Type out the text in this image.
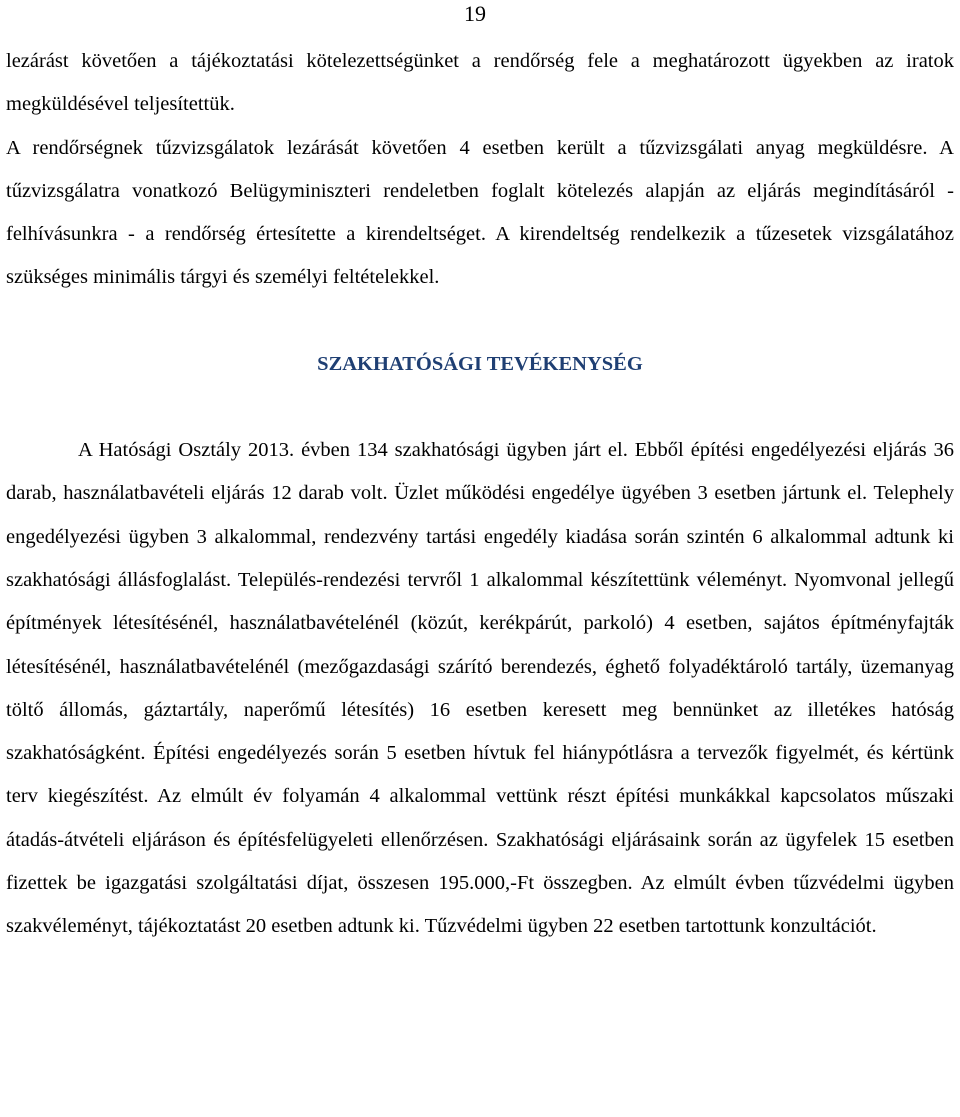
19

lezárást követően a tájékoztatási kötelezettségünket a rendőrség fele a meghatározott ügyekben az iratok megküldésével teljesítettük.

A rendőrségnek tűzvizsgálatok lezárását követően 4 esetben került a tűzvizsgálati anyag megküldésre. A tűzvizsgálatra vonatkozó Belügyminiszteri rendeletben foglalt kötelezés alapján az eljárás megindításáról - felhívásunkra - a rendőrség értesítette a kirendeltséget. A kirendeltség rendelkezik a tűzesetek vizsgálatához szükséges minimális tárgyi és személyi feltételekkel.

SZAKHATÓSÁGI TEVÉKENYSÉG

A Hatósági Osztály 2013. évben 134 szakhatósági ügyben járt el. Ebből építési engedélyezési eljárás 36 darab, használatbavételi eljárás 12 darab volt. Üzlet működési engedélye ügyében 3 esetben jártunk el. Telephely engedélyezési ügyben 3 alkalommal, rendezvény tartási engedély kiadása során szintén 6 alkalommal adtunk ki szakhatósági állásfoglalást. Település-rendezési tervről 1 alkalommal készítettünk véleményt. Nyomvonal jellegű építmények létesítésénél, használatbavételénél (közút, kerékpárút, parkoló) 4 esetben, sajátos építményfajták létesítésénél, használatbavételénél (mezőgazdasági szárító berendezés, éghető folyadéktároló tartály, üzemanyag töltő állomás, gáztartály, naperőmű létesítés) 16 esetben keresett meg bennünket az illetékes hatóság szakhatóságként. Építési engedélyezés során 5 esetben hívtuk fel hiánypótlásra a tervezők figyelmét, és kértünk terv kiegészítést. Az elmúlt év folyamán 4 alkalommal vettünk részt építési munkákkal kapcsolatos műszaki átadás-átvételi eljáráson és építésfelügyeleti ellenőrzésen. Szakhatósági eljárásaink során az ügyfelek 15 esetben fizettek be igazgatási szolgáltatási díjat, összesen 195.000,-Ft összegben. Az elmúlt évben tűzvédelmi ügyben szakvéleményt, tájékoztatást 20 esetben adtunk ki. Tűzvédelmi ügyben 22 esetben tartottunk konzultációt.
